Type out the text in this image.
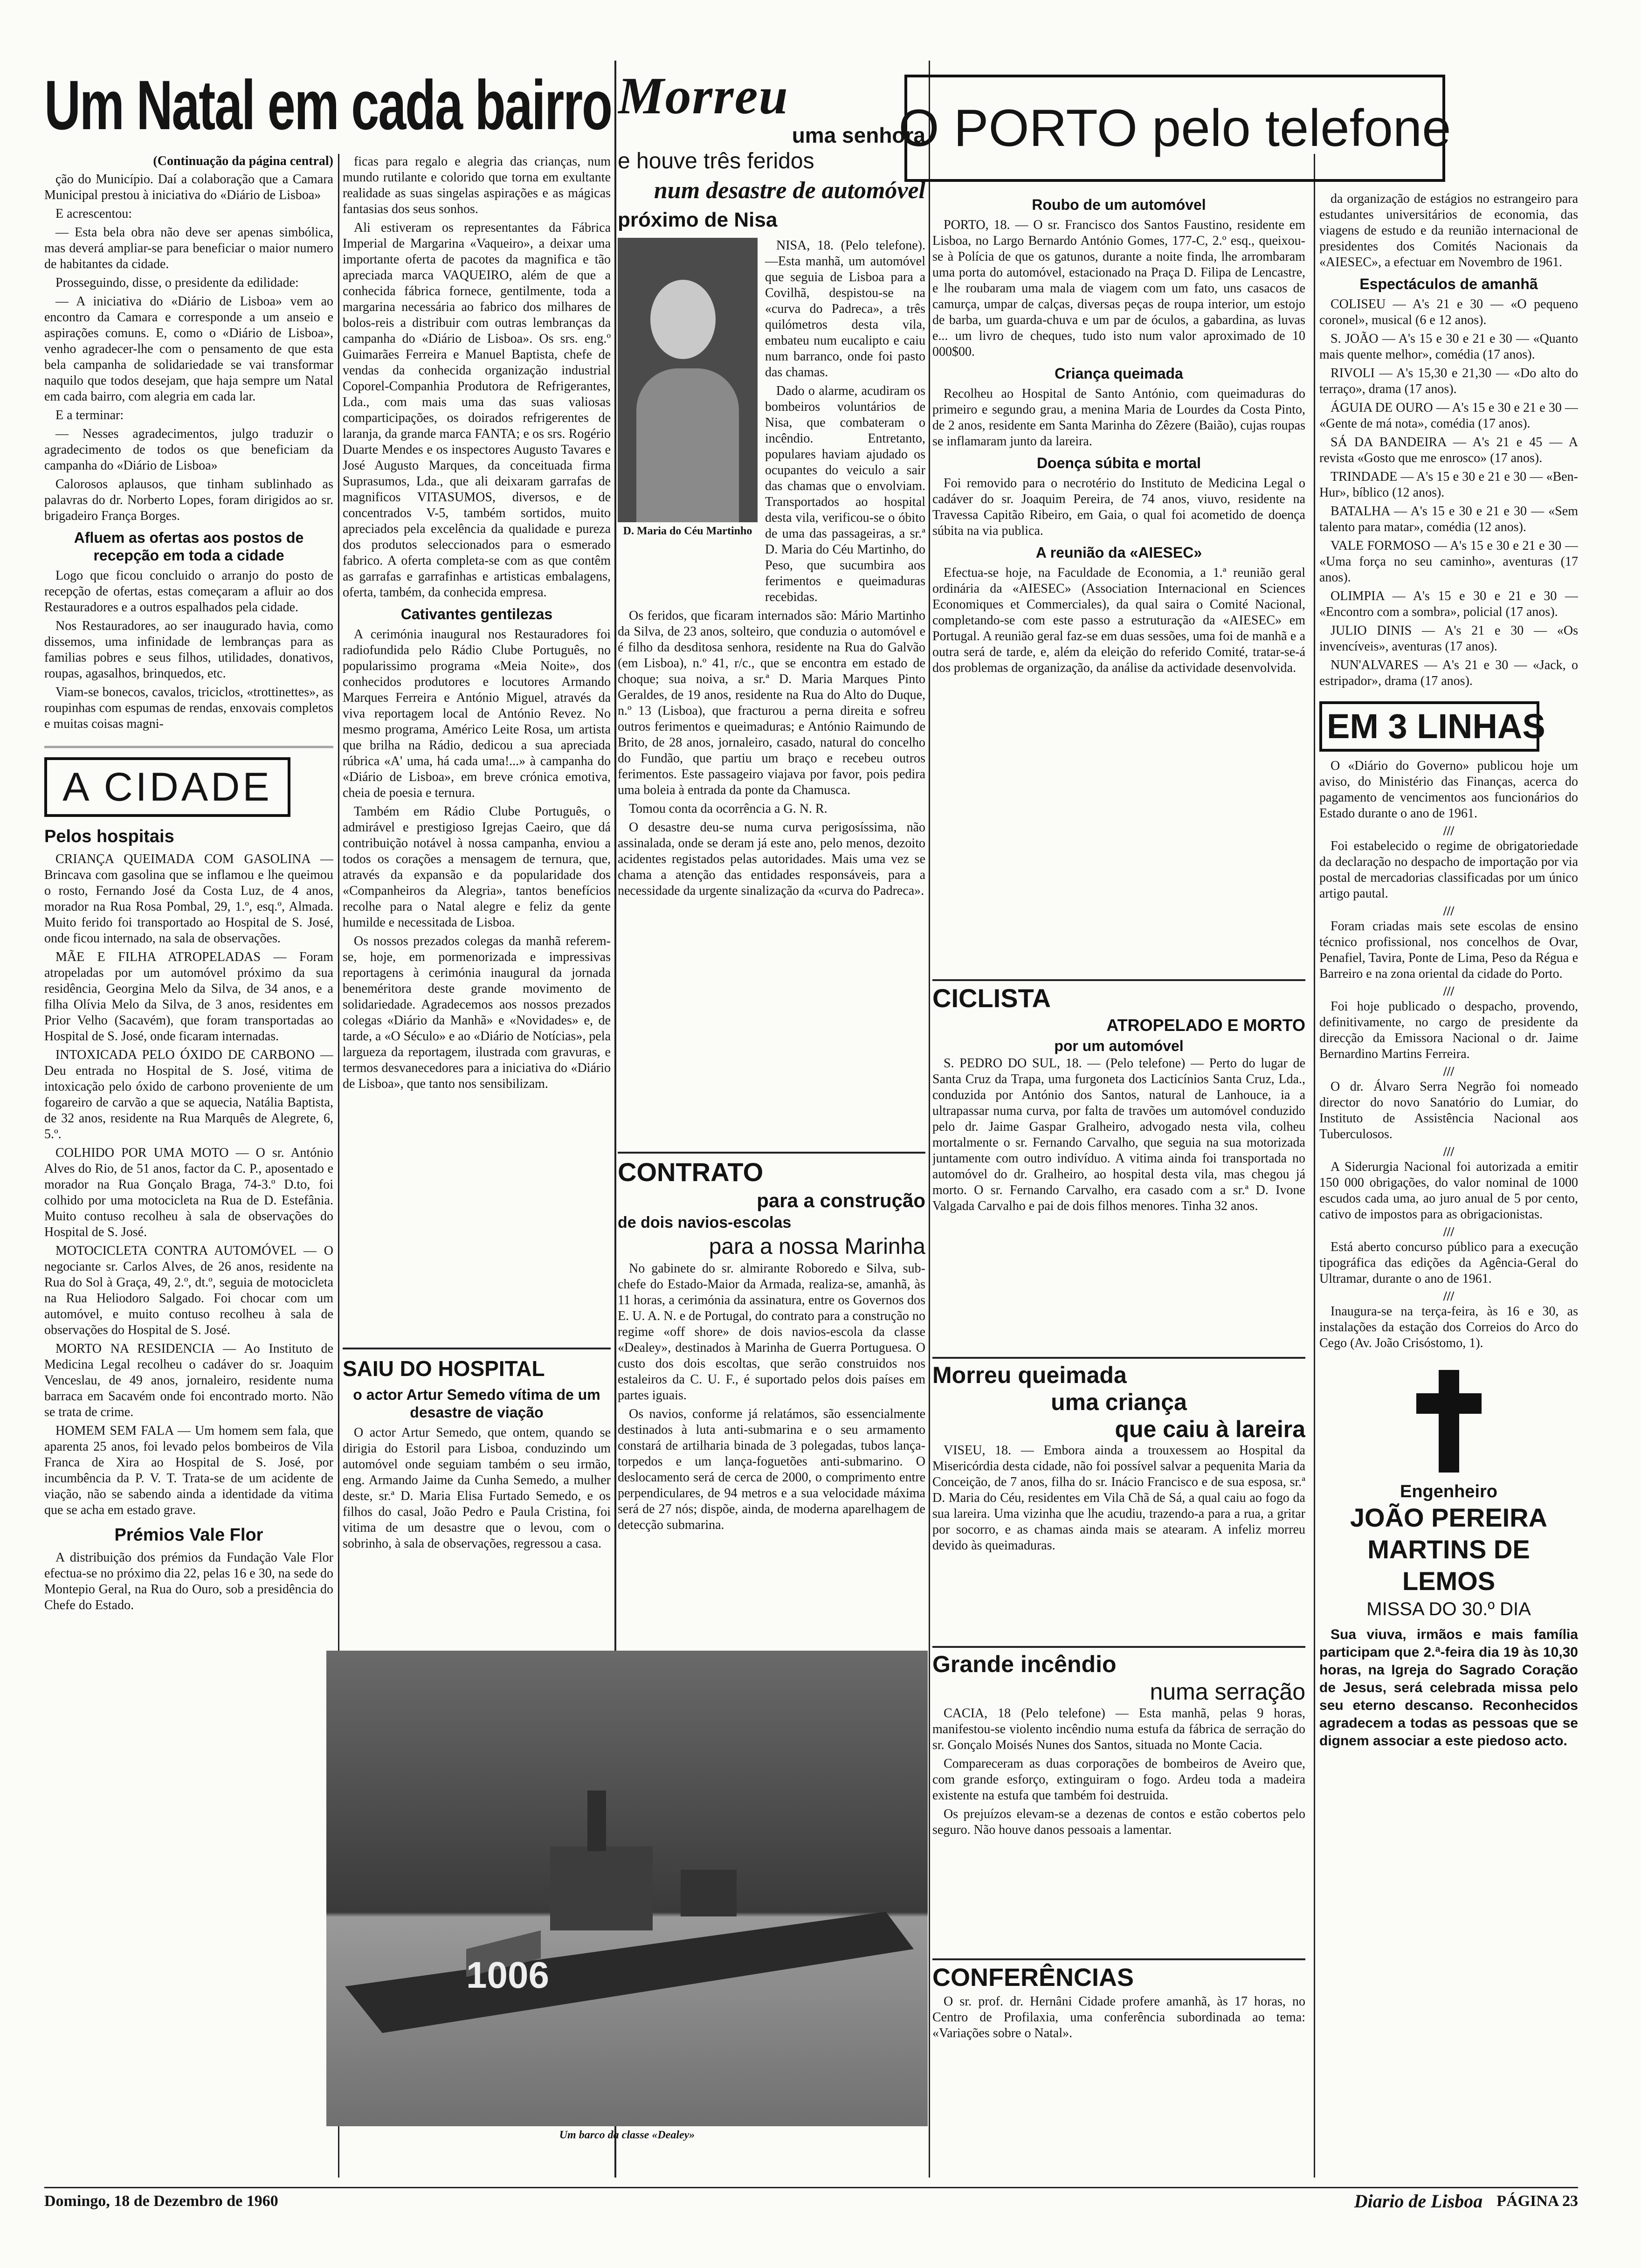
Um Natal em cada bairro
(Continuação da página central)

ção do Município. Daí a colaboração que a Camara Municipal prestou à iniciativa do «Diário de Lisboa»

E acrescentou:

— Esta bela obra não deve ser apenas simbólica, mas deverá ampliar-se para beneficiar o maior numero de habitantes da cidade.

Prosseguindo, disse, o presidente da edilidade:

— A iniciativa do «Diário de Lisboa» vem ao encontro da Camara e corresponde a um anseio e aspirações comuns. E, como o «Diário de Lisboa», venho agradecer-lhe com o pensamento de que esta bela campanha de solidariedade se vai transformar naquilo que todos desejam, que haja sempre um Natal em cada bairro, com alegria em cada lar.

E a terminar:

— Nesses agradecimentos, julgo traduzir o agradecimento de todos os que beneficiam da campanha do «Diário de Lisboa»

Calorosos aplausos, que tinham sublinhado as palavras do dr. Norberto Lopes, foram dirigidos ao sr. brigadeiro França Borges.

Afluem as ofertas aos postos de recepção em toda a cidade

Logo que ficou concluido o arranjo do posto de recepção de ofertas, estas começaram a afluir ao dos Restauradores e a outros espalhados pela cidade.

Nos Restauradores, ao ser inaugurado havia, como dissemos, uma infinidade de lembranças para as familias pobres e seus filhos, utilidades, donativos, roupas, agasalhos, brinquedos, etc.

Viam-se bonecos, cavalos, triciclos, «trottinettes», as roupinhas com espumas de rendas, enxovais completos e muitas coisas magni-

A CIDADE
Pelos hospitais

CRIANÇA QUEIMADA COM GASOLINA — Brincava com gasolina que se inflamou e lhe queimou o rosto, Fernando José da Costa Luz, de 4 anos, morador na Rua Rosa Pombal, 29, 1.º, esq.º, Almada. Muito ferido foi transportado ao Hospital de S. José, onde ficou internado, na sala de observações.

MÃE E FILHA ATROPELADAS — Foram atropeladas por um automóvel próximo da sua residência, Georgina Melo da Silva, de 34 anos, e a filha Olívia Melo da Silva, de 3 anos, residentes em Prior Velho (Sacavém), que foram transportadas ao Hospital de S. José, onde ficaram internadas.

INTOXICADA PELO ÓXIDO DE CARBONO — Deu entrada no Hospital de S. José, vitima de intoxicação pelo óxido de carbono proveniente de um fogareiro de carvão a que se aquecia, Natália Baptista, de 32 anos, residente na Rua Marquês de Alegrete, 6, 5.º.

COLHIDO POR UMA MOTO — O sr. António Alves do Rio, de 51 anos, factor da C. P., aposentado e morador na Rua Gonçalo Braga, 74-3.º D.to, foi colhido por uma motocicleta na Rua de D. Estefânia. Muito contuso recolheu à sala de observações do Hospital de S. José.

MOTOCICLETA CONTRA AUTOMÓVEL — O negociante sr. Carlos Alves, de 26 anos, residente na Rua do Sol à Graça, 49, 2.º, dt.º, seguia de motocicleta na Rua Heliodoro Salgado. Foi chocar com um automóvel, e muito contuso recolheu à sala de observações do Hospital de S. José.

MORTO NA RESIDENCIA — Ao Instituto de Medicina Legal recolheu o cadáver do sr. Joaquim Venceslau, de 49 anos, jornaleiro, residente numa barraca em Sacavém onde foi encontrado morto. Não se trata de crime.

HOMEM SEM FALA — Um homem sem fala, que aparenta 25 anos, foi levado pelos bombeiros de Vila Franca de Xira ao Hospital de S. José, por incumbência da P. V. T. Trata-se de um acidente de viação, não se sabendo ainda a identidade da vitima que se acha em estado grave.

Prémios Vale Flor

A distribuição dos prémios da Fundação Vale Flor efectua-se no próximo dia 22, pelas 16 e 30, na sede do Montepio Geral, na Rua do Ouro, sob a presidência do Chefe do Estado.

ficas para regalo e alegria das crianças, num mundo rutilante e colorido que torna em exultante realidade as suas singelas aspirações e as mágicas fantasias dos seus sonhos.

Ali estiveram os representantes da Fábrica Imperial de Margarina «Vaqueiro», a deixar uma importante oferta de pacotes da magnifica e tão apreciada marca VAQUEIRO, além de que a conhecida fábrica fornece, gentilmente, toda a margarina necessária ao fabrico dos milhares de bolos-reis a distribuir com outras lembranças da campanha do «Diário de Lisboa». Os srs. eng.º Guimarães Ferreira e Manuel Baptista, chefe de vendas da conhecida organização industrial Coporel-Companhia Produtora de Refrigerantes, Lda., com mais uma das suas valiosas comparticipações, os doirados refrigerentes de laranja, da grande marca FANTA; e os srs. Rogério Duarte Mendes e os inspectores Augusto Tavares e José Augusto Marques, da conceituada firma Suprasumos, Lda., que ali deixaram garrafas de magnificos VITASUMOS, diversos, e de concentrados V-5, também sortidos, muito apreciados pela excelência da qualidade e pureza dos produtos seleccionados para o esmerado fabrico. A oferta completa-se com as que contêm as garrafas e garrafinhas e artisticas embalagens, oferta, também, da conhecida empresa.

Cativantes gentilezas

A cerimónia inaugural nos Restauradores foi radiofundida pelo Rádio Clube Português, no popularissimo programa «Meia Noite», dos conhecidos produtores e locutores Armando Marques Ferreira e António Miguel, através da viva reportagem local de António Revez. No mesmo programa, Américo Leite Rosa, um artista que brilha na Rádio, dedicou a sua apreciada rúbrica «A' uma, há cada uma!...» à campanha do «Diário de Lisboa», em breve crónica emotiva, cheia de poesia e ternura.

Também em Rádio Clube Português, o admirável e prestigioso Igrejas Caeiro, que dá contribuição notável à nossa campanha, enviou a todos os corações a mensagem de ternura, que, através da expansão e da popularidade dos «Companheiros da Alegria», tantos benefícios recolhe para o Natal alegre e feliz da gente humilde e necessitada de Lisboa.

Os nossos prezados colegas da manhã referem-se, hoje, em pormenorizada e impressivas reportagens à cerimónia inaugural da jornada beneméritora deste grande movimento de solidariedade. Agradecemos aos nossos prezados colegas «Diário da Manhã» e «Novidades» e, de tarde, a «O Século» e ao «Diário de Notícias», pela largueza da reportagem, ilustrada com gravuras, e termos desvanecedores para a iniciativa do «Diário de Lisboa», que tanto nos sensibilizam.

SAIU DO HOSPITAL
o actor Artur Semedo vítima de um desastre de viação

O actor Artur Semedo, que ontem, quando se dirigia do Estoril para Lisboa, conduzindo um automóvel onde seguiam também o seu irmão, eng. Armando Jaime da Cunha Semedo, a mulher deste, sr.ª D. Maria Elisa Furtado Semedo, e os filhos do casal, João Pedro e Paula Cristina, foi vitima de um desastre que o levou, com o sobrinho, à sala de observações, regressou a casa.

Morreu
uma senhora
e houve três feridos
num desastre de automóvel
próximo de Nisa
D. Maria do Céu Martinho

NISA, 18. (Pelo telefone).—Esta manhã, um automóvel que seguia de Lisboa para a Covilhã, despistou-se na «curva do Padreca», a três quilómetros desta vila, embateu num eucalipto e caiu num barranco, onde foi pasto das chamas.

Dado o alarme, acudiram os bombeiros voluntários de Nisa, que combateram o incêndio. Entretanto, populares haviam ajudado os ocupantes do veiculo a sair das chamas que o envolviam. Transportados ao hospital desta vila, verificou-se o óbito de uma das passageiras, a sr.ª D. Maria do Céu Martinho, do Peso, que sucumbira aos ferimentos e queimaduras recebidas.

Os feridos, que ficaram internados são: Mário Martinho da Silva, de 23 anos, solteiro, que conduzia o automóvel e é filho da desditosa senhora, residente na Rua do Galvão (em Lisboa), n.º 41, r/c., que se encontra em estado de choque; sua noiva, a sr.ª D. Maria Marques Pinto Geraldes, de 19 anos, residente na Rua do Alto do Duque, n.º 13 (Lisboa), que fracturou a perna direita e sofreu outros ferimentos e queimaduras; e António Raimundo de Brito, de 28 anos, jornaleiro, casado, natural do concelho do Fundão, que partiu um braço e recebeu outros ferimentos. Este passageiro viajava por favor, pois pedira uma boleia à entrada da ponte da Chamusca.

Tomou conta da ocorrência a G. N. R.

O desastre deu-se numa curva perigosíssima, não assinalada, onde se deram já este ano, pelo menos, dezoito acidentes registados pelas autoridades. Mais uma vez se chama a atenção das entidades responsáveis, para a necessidade da urgente sinalização da «curva do Padreca».

CONTRATO
para a construção
de dois navios-escolas
para a nossa Marinha

No gabinete do sr. almirante Roboredo e Silva, sub-chefe do Estado-Maior da Armada, realiza-se, amanhã, às 11 horas, a cerimónia da assinatura, entre os Governos dos E. U. A. N. e de Portugal, do contrato para a construção no regime «off shore» de dois navios-escola da classe «Dealey», destinados à Marinha de Guerra Portuguesa. O custo dos dois escoltas, que serão construidos nos estaleiros da C. U. F., é suportado pelos dois países em partes iguais.

Os navios, conforme já relatámos, são essencialmente destinados à luta anti-submarina e o seu armamento constará de artilharia binada de 3 polegadas, tubos lança-torpedos e um lança-foguetões anti-submarino. O deslocamento será de cerca de 2000, o comprimento entre perpendiculares, de 94 metros e a sua velocidade máxima será de 27 nós; dispõe, ainda, de moderna aparelhagem de detecção submarina.

1006
Um barco da classe «Dealey»
O PORTO pelo telefone
Roubo de um automóvel

PORTO, 18. — O sr. Francisco dos Santos Faustino, residente em Lisboa, no Largo Bernardo António Gomes, 177-C, 2.º esq., queixou-se à Polícia de que os gatunos, durante a noite finda, lhe arrombaram uma porta do automóvel, estacionado na Praça D. Filipa de Lencastre, e lhe roubaram uma mala de viagem com um fato, uns casacos de camurça, umpar de calças, diversas peças de roupa interior, um estojo de barba, um guarda-chuva e um par de óculos, a gabardina, as luvas e... um livro de cheques, tudo isto num valor aproximado de 10 000$00.

Criança queimada

Recolheu ao Hospital de Santo António, com queimaduras do primeiro e segundo grau, a menina Maria de Lourdes da Costa Pinto, de 2 anos, residente em Santa Marinha do Zêzere (Baião), cujas roupas se inflamaram junto da lareira.

Doença súbita e mortal

Foi removido para o necrotério do Instituto de Medicina Legal o cadáver do sr. Joaquim Pereira, de 74 anos, viuvo, residente na Travessa Capitão Ribeiro, em Gaia, o qual foi acometido de doença súbita na via publica.

A reunião da «AIESEC»

Efectua-se hoje, na Faculdade de Economia, a 1.ª reunião geral ordinária da «AIESEC» (Association Internacional en Sciences Economiques et Commerciales), da qual saira o Comité Nacional, completando-se com este passo a estruturação da «AIESEC» em Portugal. A reunião geral faz-se em duas sessões, uma foi de manhã e a outra será de tarde, e, além da eleição do referido Comité, tratar-se-á dos problemas de organização, da análise da actividade desenvolvida.

CICLISTA
ATROPELADO E MORTO
por um automóvel

S. PEDRO DO SUL, 18. — (Pelo telefone) — Perto do lugar de Santa Cruz da Trapa, uma furgoneta dos Lacticínios Santa Cruz, Lda., conduzida por António dos Santos, natural de Lanhouce, ia a ultrapassar numa curva, por falta de travões um automóvel conduzido pelo dr. Jaime Gaspar Gralheiro, advogado nesta vila, colheu mortalmente o sr. Fernando Carvalho, que seguia na sua motorizada juntamente com outro indivíduo. A vitima ainda foi transportada no automóvel do dr. Gralheiro, ao hospital desta vila, mas chegou já morto. O sr. Fernando Carvalho, era casado com a sr.ª D. Ivone Valgada Carvalho e pai de dois filhos menores. Tinha 32 anos.

Morreu queimada
uma criança
que caiu à lareira

VISEU, 18. — Embora ainda a trouxessem ao Hospital da Misericórdia desta cidade, não foi possível salvar a pequenita Maria da Conceição, de 7 anos, filha do sr. Inácio Francisco e de sua esposa, sr.ª D. Maria do Céu, residentes em Vila Chã de Sá, a qual caiu ao fogo da sua lareira. Uma vizinha que lhe acudiu, trazendo-a para a rua, a gritar por socorro, e as chamas ainda mais se atearam. A infeliz morreu devido às queimaduras.

Grande incêndio
numa serração

CACIA, 18 (Pelo telefone) — Esta manhã, pelas 9 horas, manifestou-se violento incêndio numa estufa da fábrica de serração do sr. Gonçalo Moisés Nunes dos Santos, situada no Monte Cacia.

Compareceram as duas corporações de bombeiros de Aveiro que, com grande esforço, extinguiram o fogo. Ardeu toda a madeira existente na estufa que também foi destruida.

Os prejuízos elevam-se a dezenas de contos e estão cobertos pelo seguro. Não houve danos pessoais a lamentar.

CONFERÊNCIAS

O sr. prof. dr. Hernâni Cidade profere amanhã, às 17 horas, no Centro de Profilaxia, uma conferência subordinada ao tema: «Variações sobre o Natal».

da organização de estágios no estrangeiro para estudantes universitários de economia, das viagens de estudo e da reunião internacional de presidentes dos Comités Nacionais da «AIESEC», a efectuar em Novembro de 1961.

Espectáculos de amanhã

COLISEU — A's 21 e 30 — «O pequeno coronel», musical (6 e 12 anos).

S. JOÃO — A's 15 e 30 e 21 e 30 — «Quanto mais quente melhor», comédia (17 anos).

RIVOLI — A's 15,30 e 21,30 — «Do alto do terraço», drama (17 anos).

ÁGUIA DE OURO — A's 15 e 30 e 21 e 30 — «Gente de má nota», comédia (17 anos).

SÁ DA BANDEIRA — A's 21 e 45 — A revista «Gosto que me enrosco» (17 anos).

TRINDADE — A's 15 e 30 e 21 e 30 — «Ben-Hur», bíblico (12 anos).

BATALHA — A's 15 e 30 e 21 e 30 — «Sem talento para matar», comédia (12 anos).

VALE FORMOSO — A's 15 e 30 e 21 e 30 — «Uma força no seu caminho», aventuras (17 anos).

OLIMPIA — A's 15 e 30 e 21 e 30 — «Encontro com a sombra», policial (17 anos).

JULIO DINIS — A's 21 e 30 — «Os invencíveis», aventuras (17 anos).

NUN'ALVARES — A's 21 e 30 — «Jack, o estripador», drama (17 anos).

EM 3 LINHAS

O «Diário do Governo» publicou hoje um aviso, do Ministério das Finanças, acerca do pagamento de vencimentos aos funcionários do Estado durante o ano de 1961.

///

Foi estabelecido o regime de obrigatoriedade da declaração no despacho de importação por via postal de mercadorias classificadas por um único artigo pautal.

///

Foram criadas mais sete escolas de ensino técnico profissional, nos concelhos de Ovar, Penafiel, Tavira, Ponte de Lima, Peso da Régua e Barreiro e na zona oriental da cidade do Porto.

///

Foi hoje publicado o despacho, provendo, definitivamente, no cargo de presidente da direcção da Emissora Nacional o dr. Jaime Bernardino Martins Ferreira.

///

O dr. Álvaro Serra Negrão foi nomeado director do novo Sanatório do Lumiar, do Instituto de Assistência Nacional aos Tuberculosos.

///

A Siderurgia Nacional foi autorizada a emitir 150 000 obrigações, do valor nominal de 1000 escudos cada uma, ao juro anual de 5 por cento, cativo de impostos para as obrigacionistas.

///

Está aberto concurso público para a execução tipográfica das edições da Agência-Geral do Ultramar, durante o ano de 1961.

///

Inaugura-se na terça-feira, às 16 e 30, as instalações da estação dos Correios do Arco do Cego (Av. João Crisóstomo, 1).

Engenheiro
JOÃO PEREIRA
MARTINS DE LEMOS
MISSA DO 30.º DIA

Sua viuva, irmãos e mais família participam que 2.ª-feira dia 19 às 10,30 horas, na Igreja do Sagrado Coração de Jesus, será celebrada missa pelo seu eterno descanso. Reconhecidos agradecem a todas as pessoas que se dignem associar a este piedoso acto.

Domingo, 18 de Dezembro de 1960	Diario de Lisboa PÁGINA 23
